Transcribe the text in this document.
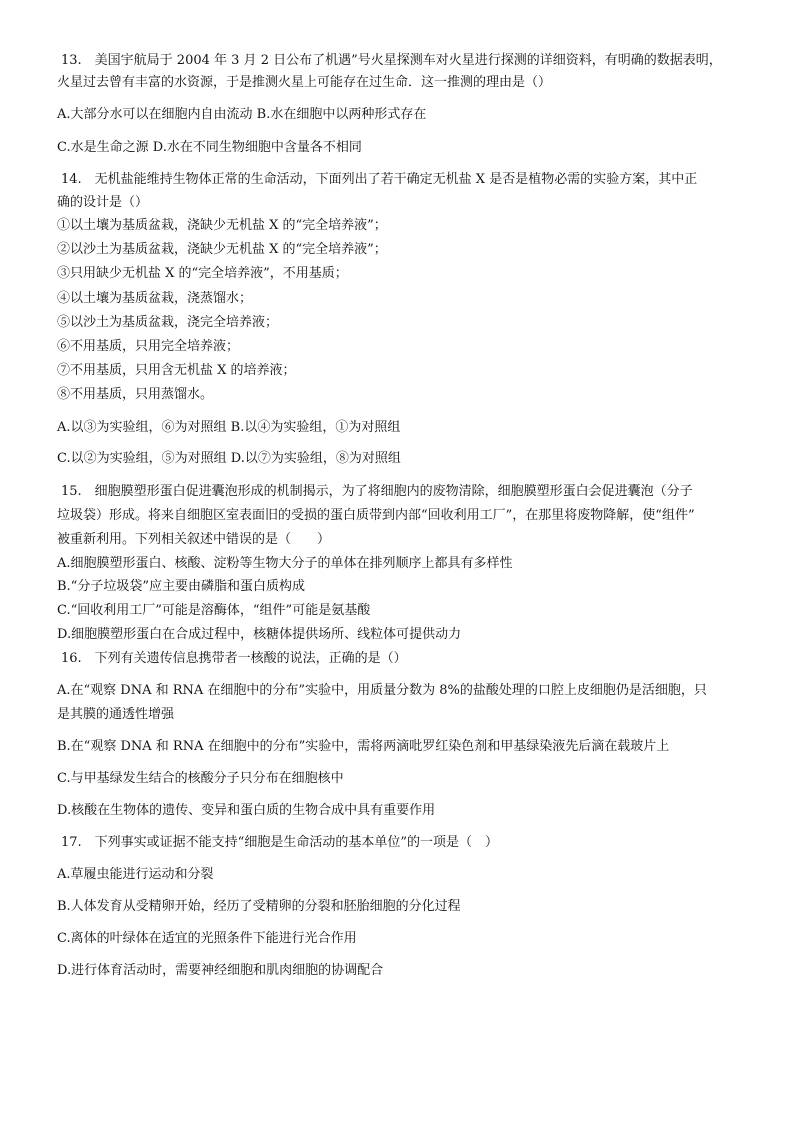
13.　美国宇航局于 2004 年 3 月 2 日公布了机遇”号火星探测车对火星进行探测的详细资料，有明确的数据表明，
火星过去曾有丰富的水资源，于是推测火星上可能存在过生命．这一推测的理由是（）
A.大部分水可以在细胞内自由流动 B.水在细胞中以两种形式存在
C.水是生命之源 D.水在不同生物细胞中含量各不相同
14.　无机盐能维持生物体正常的生命活动，下面列出了若干确定无机盐 X 是否是植物必需的实验方案，其中正
确的设计是（）
①以土壤为基质盆栽，浇缺少无机盐 X 的“完全培养液”；
②以沙土为基质盆栽，浇缺少无机盐 X 的“完全培养液”；
③只用缺少无机盐 X 的“完全培养液”，不用基质；
④以土壤为基质盆栽，浇蒸馏水；
⑤以沙土为基质盆栽，浇完全培养液；
⑥不用基质，只用完全培养液；
⑦不用基质，只用含无机盐 X 的培养液；
⑧不用基质，只用蒸馏水。
A.以③为实验组，⑥为对照组 B.以④为实验组，①为对照组
C.以②为实验组，⑤为对照组 D.以⑦为实验组，⑧为对照组
15.　细胞膜塑形蛋白促进囊泡形成的机制揭示，为了将细胞内的废物清除，细胞膜塑形蛋白会促进囊泡（分子
垃圾袋）形成。将来自细胞区室表面旧的受损的蛋白质带到内部“回收利用工厂”，在那里将废物降解，使“组件”
被重新利用。下列相关叙述中错误的是（　　）
A.细胞膜塑形蛋白、核酸、淀粉等生物大分子的单体在排列顺序上都具有多样性
B.“分子垃圾袋”应主要由磷脂和蛋白质构成
C.“回收利用工厂”可能是溶酶体，“组件”可能是氨基酸
D.细胞膜塑形蛋白在合成过程中，核糖体提供场所、线粒体可提供动力
16.　下列有关遗传信息携带者一核酸的说法，正确的是（）
A.在“观察 DNA 和 RNA 在细胞中的分布”实验中，用质量分数为 8%的盐酸处理的口腔上皮细胞仍是活细胞，只
是其膜的通透性增强
B.在“观察 DNA 和 RNA 在细胞中的分布”实验中，需将两滴吡罗红染色剂和甲基绿染液先后滴在载玻片上
C.与甲基绿发生结合的核酸分子只分布在细胞核中
D.核酸在生物体的遗传、变异和蛋白质的生物合成中具有重要作用
17.　下列事实或证据不能支持“细胞是生命活动的基本单位”的一项是（　）
A.草履虫能进行运动和分裂
B.人体发育从受精卵开始，经历了受精卵的分裂和胚胎细胞的分化过程
C.离体的叶绿体在适宜的光照条件下能进行光合作用
D.进行体育活动时，需要神经细胞和肌肉细胞的协调配合
